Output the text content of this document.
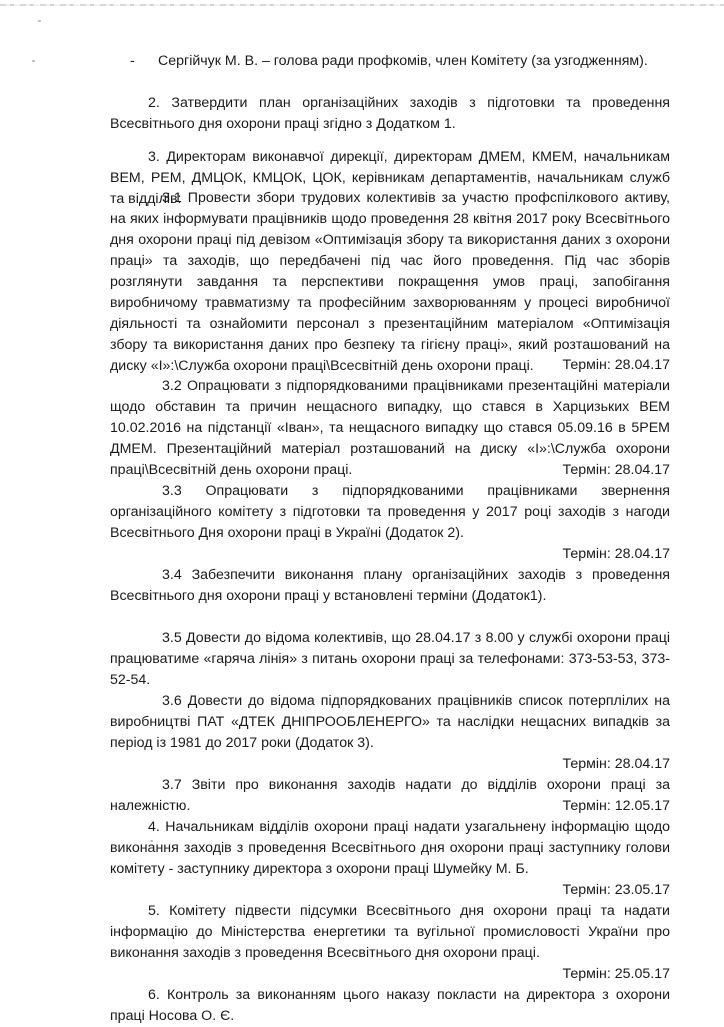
- Сергійчук М. В. – голова ради профкомів, член Комітету (за узгодженням).
2. Затвердити план організаційних заходів з підготовки та проведення Всесвітнього дня охорони праці згідно з Додатком 1.
3. Директорам виконавчої дирекції, директорам ДМЕМ, КМЕМ, начальникам ВЕМ, РЕМ, ДМЦОК, КМЦОК, ЦОК, керівникам департаментів, начальникам служб та відділів:
3.1 Провести збори трудових колективів за участю профспілкового активу, на яких інформувати працівників щодо проведення 28 квітня 2017 року Всесвітнього дня охорони праці під девізом «Оптимізація збору та використання даних з охорони праці» та заходів, що передбачені під час його проведення. Під час зборів розглянути завдання та перспективи покращення умов праці, запобігання виробничому травматизму та професійним захворюванням у процесі виробничої діяльності та ознайомити персонал з презентаційним матеріалом «Оптимізація збору та використання даних про безпеку та гігієну праці», який розташований на диску «І»:\Служба охорони праці\Всесвітній день охорони праці.	Термін: 28.04.17
3.2 Опрацювати з підпорядкованими працівниками презентаційні матеріали щодо обставин та причин нещасного випадку, що стався в Харцизьких ВЕМ 10.02.2016 на підстанції «Іван», та нещасного випадку що стався 05.09.16 в 5РЕМ ДМЕМ. Презентаційний матеріал розташований на диску «І»:\Служба охорони праці\Всесвітній день охорони праці.	Термін: 28.04.17
3.3 Опрацювати з підпорядкованими працівниками звернення організаційного комітету з підготовки та проведення у 2017 році заходів з нагоди Всесвітнього Дня охорони праці в Україні (Додаток 2).
Термін: 28.04.17
3.4 Забезпечити виконання плану організаційних заходів з проведення Всесвітнього дня охорони праці у встановлені терміни (Додаток1).
3.5 Довести до відома колективів, що 28.04.17 з 8.00 у службі охорони праці працюватиме «гаряча лінія» з питань охорони праці за телефонами: 373-53-53, 373-52-54.
3.6 Довести до відома підпорядкованих працівників список потерплілих на виробництві ПАТ «ДТЕК ДНІПРООБЛЕНЕРГО» та наслідки нещасних випадків за період із 1981 до 2017 роки (Додаток 3).
Термін: 28.04.17
3.7 Звіти про виконання заходів надати до відділів охорони праці за належністю.	Термін: 12.05.17
4. Начальникам відділів охорони праці надати узагальнену інформацію щодо виконання заходів з проведення Всесвітнього дня охорони праці заступнику голови комітету - заступнику директора з охорони праці Шумейку М. Б.
Термін: 23.05.17
5. Комітету підвести підсумки Всесвітнього дня охорони праці та надати інформацію до Міністерства енергетики та вугільної промисловості України про виконання заходів з проведення Всесвітнього дня охорони праці.
Термін: 25.05.17
6. Контроль за виконанням цього наказу покласти на директора з охорони праці Носова О. Є.
